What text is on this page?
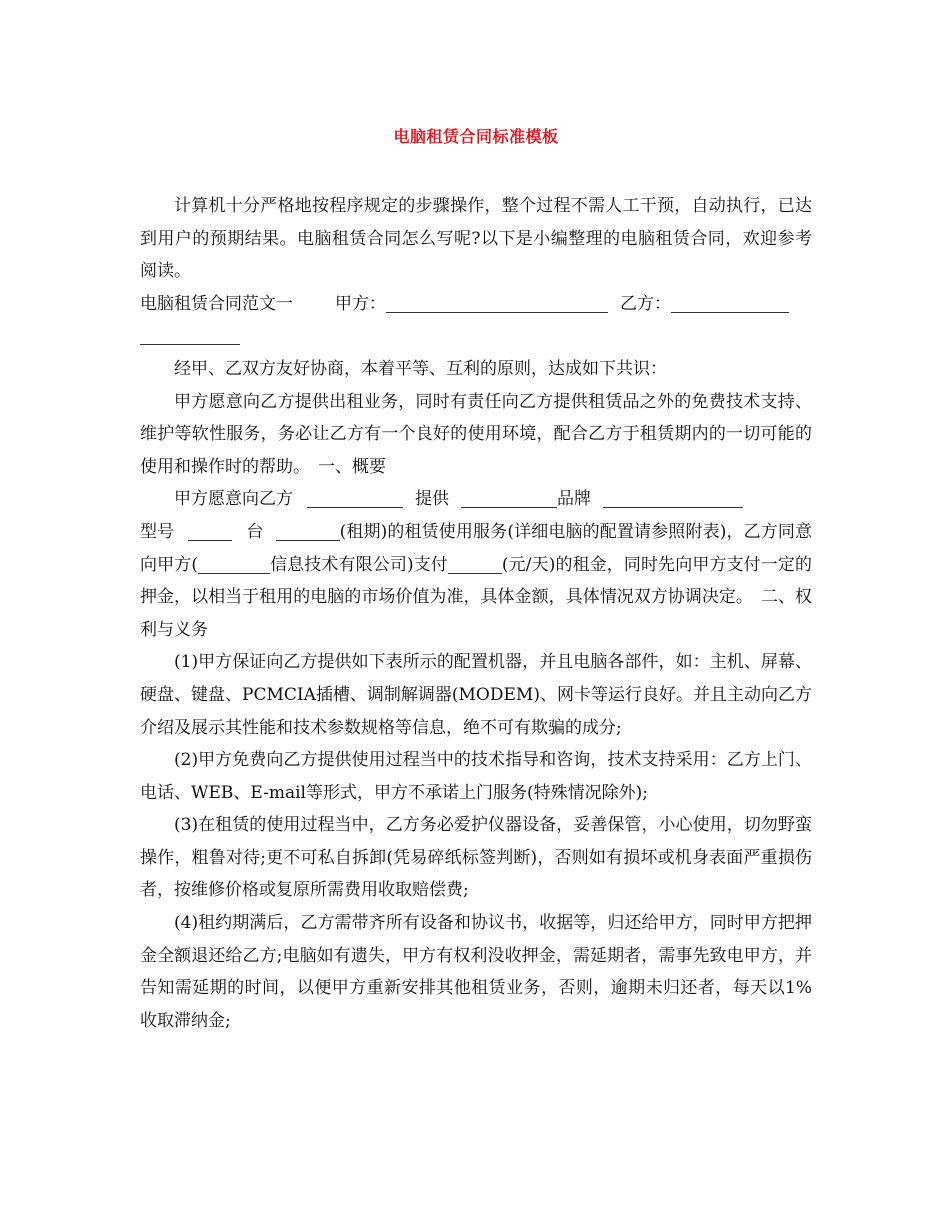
电脑租赁合同标准模板

计算机十分严格地按程序规定的步骤操作，整个过程不需人工干预，自动执行，已达到用户的预期结果。电脑租赁合同怎么写呢?以下是小编整理的电脑租赁合同，欢迎参考阅读。

电脑租赁合同范文一 甲方：	乙方：

经甲、乙双方友好协商，本着平等、互利的原则，达成如下共识：

甲方愿意向乙方提供出租业务，同时有责任向乙方提供租赁品之外的免费技术支持、维护等软性服务，务必让乙方有一个良好的使用环境，配合乙方于租赁期内的一切可能的使用和操作时的帮助。 一、概要

甲方愿意向乙方	提供	品牌
型号	台	(租期)的租赁使用服务(详细电脑的配置请参照附表)，乙方同意向甲方(	信息技术有限公司)支付	(元/天)的租金，同时先向甲方支付一定的押金，以相当于租用的电脑的市场价值为准，具体金额，具体情况双方协调决定。 二、权利与义务

(1)甲方保证向乙方提供如下表所示的配置机器，并且电脑各部件，如：主机、屏幕、硬盘、键盘、PCMCIA插槽、调制解调器(MODEM)、网卡等运行良好。并且主动向乙方介绍及展示其性能和技术参数规格等信息，绝不可有欺骗的成分;

(2)甲方免费向乙方提供使用过程当中的技术指导和咨询，技术支持采用：乙方上门、电话、WEB、E-mail等形式，甲方不承诺上门服务(特殊情况除外);

(3)在租赁的使用过程当中，乙方务必爱护仪器设备，妥善保管，小心使用，切勿野蛮操作，粗鲁对待;更不可私自拆卸(凭易碎纸标签判断)，否则如有损坏或机身表面严重损伤者，按维修价格或复原所需费用收取赔偿费;

(4)租约期满后，乙方需带齐所有设备和协议书，收据等，归还给甲方，同时甲方把押金全额退还给乙方;电脑如有遗失，甲方有权利没收押金，需延期者，需事先致电甲方，并告知需延期的时间，以便甲方重新安排其他租赁业务，否则，逾期未归还者，每天以1%收取滞纳金;
